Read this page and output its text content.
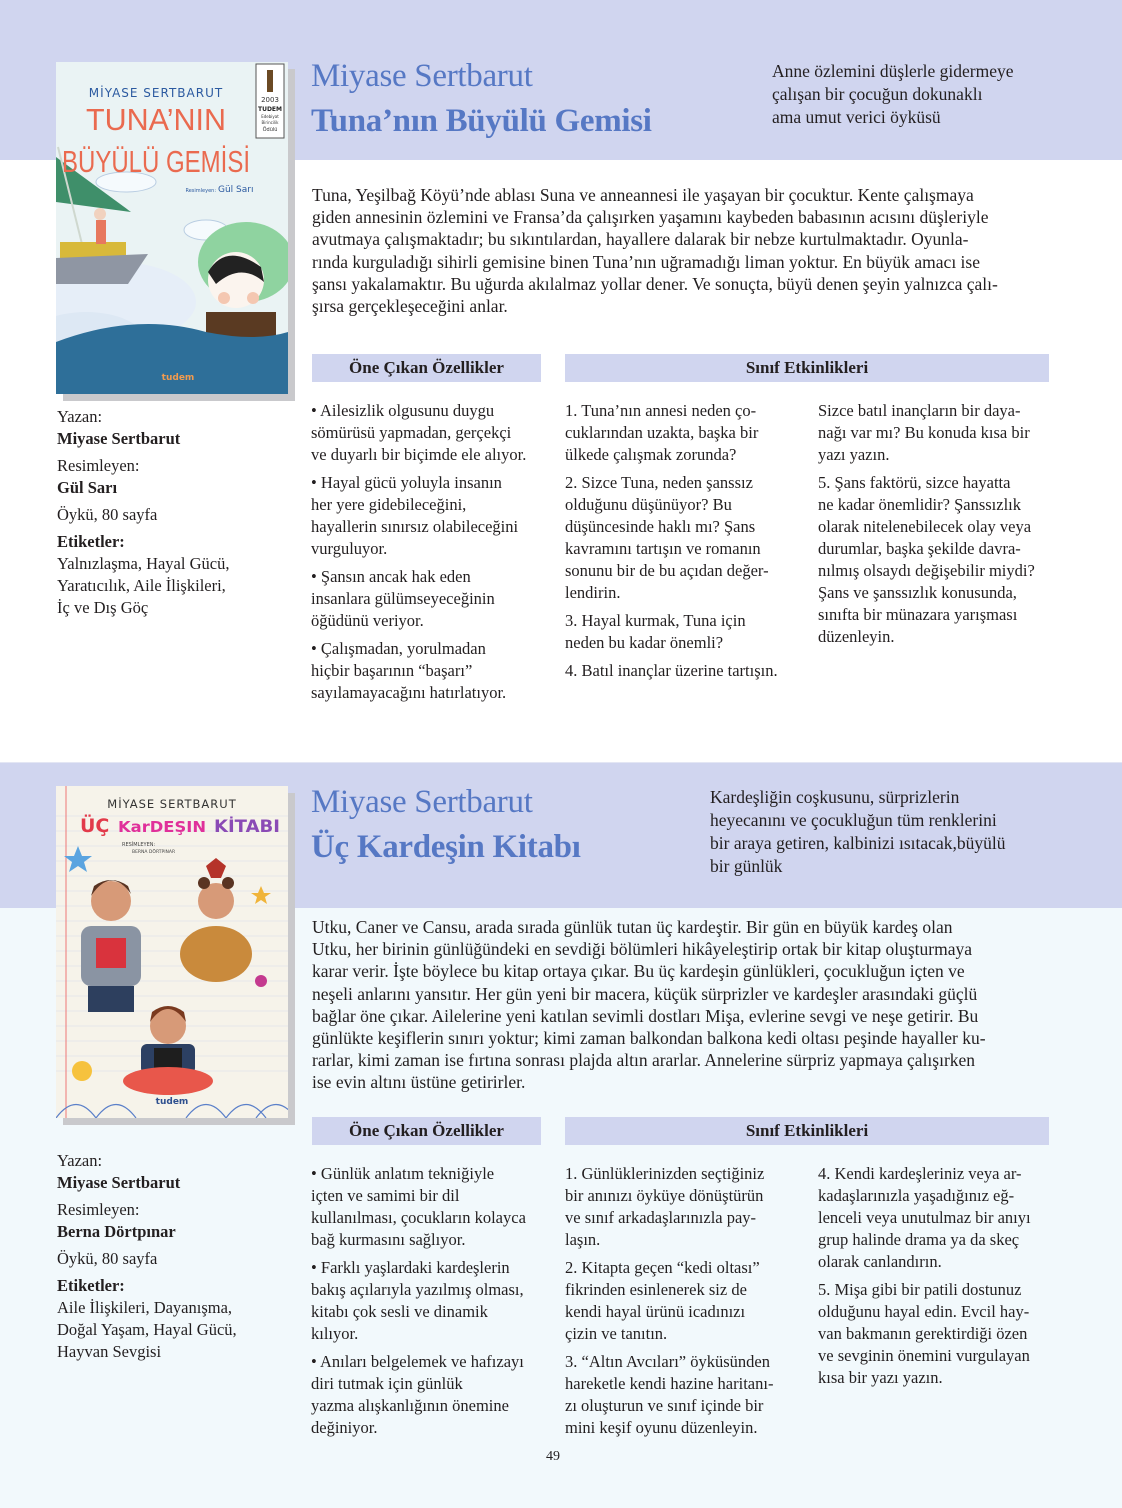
2003
TUDEM
Edebiyat
Birincilik
Ödülü
MİYASE SERTBARUT
TUNA’NIN
BÜYÜLÜ GEMİSİ
Resimleyen: Gül Sarı
tudem
Miyase Sertbarut
Tuna’nın Büyülü Gemisi
Anne özlemini düşlerle gidermeye
çalışan bir çocuğun dokunaklı
ama umut verici öyküsü
Tuna, Yeşilbağ Köyü’nde ablası Suna ve anneannesi ile yaşayan bir çocuktur. Kente çalışmaya
giden annesinin özlemini ve Fransa’da çalışırken yaşamını kaybeden babasının acısını düşleriyle
avutmaya çalışmaktadır; bu sıkıntılardan, hayallere dalarak bir nebze kurtulmaktadır. Oyunla-
rında kurguladığı sihirli gemisine binen Tuna’nın uğramadığı liman yoktur. En büyük amacı ise
şansı yakalamaktır. Bu uğurda akılalmaz yollar dener. Ve sonuçta, büyü denen şeyin yalnızca çalı-
şırsa gerçekleşeceğini anlar.
Öne Çıkan Özellikler	Sınıf Etkinlikleri
Yazan:
Miyase Sertbarut
Resimleyen:
Gül Sarı
Öykü, 80 sayfa
Etiketler:
Yalnızlaşma, Hayal Gücü,
Yaratıcılık, Aile İlişkileri,
İç ve Dış Göç
• Ailesizlik olgusunu duygu
sömürüsü yapmadan, gerçekçi
ve duyarlı bir biçimde ele alıyor.
• Hayal gücü yoluyla insanın
her yere gidebileceğini,
hayallerin sınırsız olabileceğini
vurguluyor.
• Şansın ancak hak eden
insanlara gülümseyeceğinin
öğüdünü veriyor.
• Çalışmadan, yorulmadan
hiçbir başarının “başarı”
sayılamayacağını hatırlatıyor.
1. Tuna’nın annesi neden ço-
cuklarından uzakta, başka bir
ülkede çalışmak zorunda?
2. Sizce Tuna, neden şanssız
olduğunu düşünüyor? Bu
düşüncesinde haklı mı? Şans
kavramını tartışın ve romanın
sonunu bir de bu açıdan değer-
lendirin.
3. Hayal kurmak, Tuna için
neden bu kadar önemli?
4. Batıl inançlar üzerine tartışın.
Sizce batıl inançların bir daya-
nağı var mı? Bu konuda kısa bir
yazı yazın.
5. Şans faktörü, sizce hayatta
ne kadar önemlidir? Şanssızlık
olarak nitelenebilecek olay veya
durumlar, başka şekilde davra-
nılmış olsaydı değişebilir miydi?
Şans ve şanssızlık konusunda,
sınıfta bir münazara yarışması
düzenleyin.
MİYASE SERTBARUT
ÜÇ KarDEŞIN KİTABI
RESİMLEYEN:
BERNA DÖRTPINAR
tudem
Miyase Sertbarut
Üç Kardeşin Kitabı
Kardeşliğin coşkusunu, sürprizlerin
heyecanını ve çocukluğun tüm renklerini
bir araya getiren, kalbinizi ısıtacak,büyülü
bir günlük
Utku, Caner ve Cansu, arada sırada günlük tutan üç kardeştir. Bir gün en büyük kardeş olan
Utku, her birinin günlüğündeki en sevdiği bölümleri hikâyeleştirip ortak bir kitap oluşturmaya
karar verir. İşte böylece bu kitap ortaya çıkar. Bu üç kardeşin günlükleri, çocukluğun içten ve
neşeli anlarını yansıtır. Her gün yeni bir macera, küçük sürprizler ve kardeşler arasındaki güçlü
bağlar öne çıkar. Ailelerine yeni katılan sevimli dostları Mişa, evlerine sevgi ve neşe getirir. Bu
günlükte keşiflerin sınırı yoktur; kimi zaman balkondan balkona kedi oltası peşinde hayaller ku-
rarlar, kimi zaman ise fırtına sonrası plajda altın ararlar. Annelerine sürpriz yapmaya çalışırken
ise evin altını üstüne getirirler.
Öne Çıkan Özellikler	Sınıf Etkinlikleri
Yazan:
Miyase Sertbarut
Resimleyen:
Berna Dörtpınar
Öykü, 80 sayfa
Etiketler:
Aile İlişkileri, Dayanışma,
Doğal Yaşam, Hayal Gücü,
Hayvan Sevgisi
• Günlük anlatım tekniğiyle
içten ve samimi bir dil
kullanılması, çocukların kolayca
bağ kurmasını sağlıyor.
• Farklı yaşlardaki kardeşlerin
bakış açılarıyla yazılmış olması,
kitabı çok sesli ve dinamik
kılıyor.
• Anıları belgelemek ve hafızayı
diri tutmak için günlük
yazma alışkanlığının önemine
değiniyor.
1. Günlüklerinizden seçtiğiniz
bir anınızı öyküye dönüştürün
ve sınıf arkadaşlarınızla pay-
laşın.
2. Kitapta geçen “kedi oltası”
fikrinden esinlenerek siz de
kendi hayal ürünü icadınızı
çizin ve tanıtın.
3. “Altın Avcıları” öyküsünden
hareketle kendi hazine haritanı-
zı oluşturun ve sınıf içinde bir
mini keşif oyunu düzenleyin.
4. Kendi kardeşleriniz veya ar-
kadaşlarınızla yaşadığınız eğ-
lenceli veya unutulmaz bir anıyı
grup halinde drama ya da skeç
olarak canlandırın.
5. Mişa gibi bir patili dostunuz
olduğunu hayal edin. Evcil hay-
van bakmanın gerektirdiği özen
ve sevginin önemini vurgulayan
kısa bir yazı yazın.
49
